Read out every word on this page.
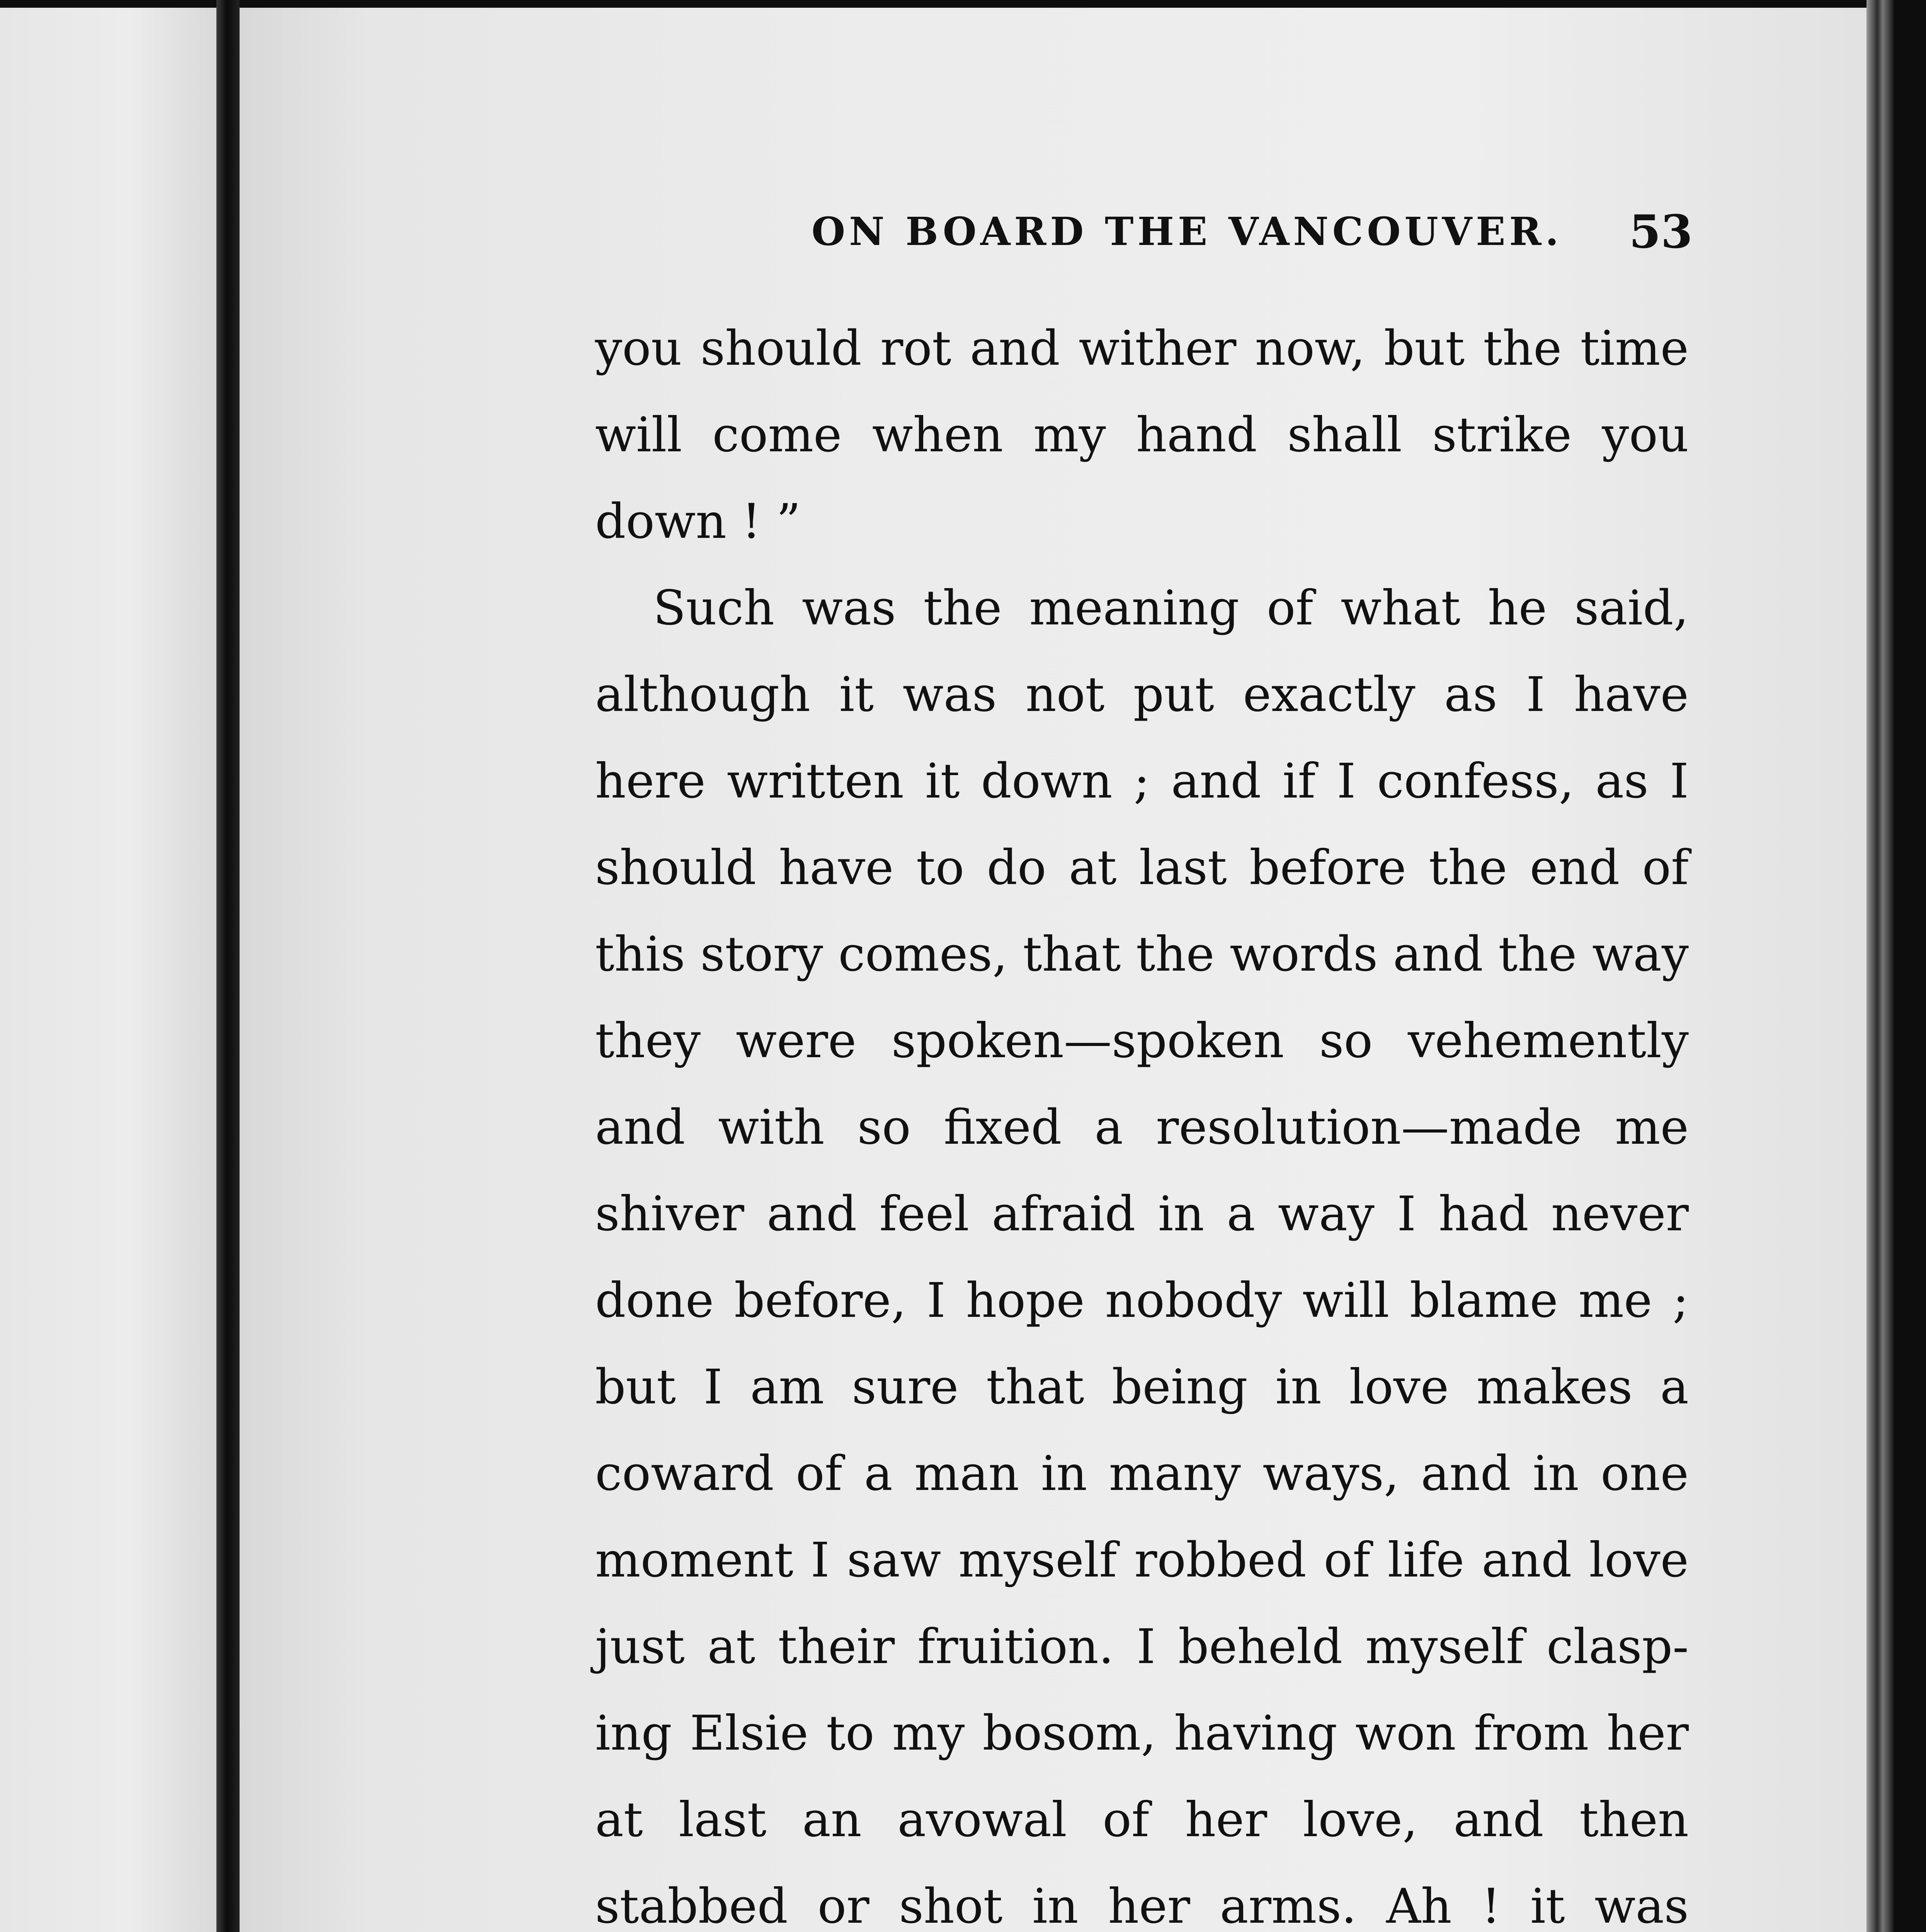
ON BOARD THE VANCOUVER. 53
you should rot and wither now, but the time
will come when my hand shall strike you
down ! ”
Such was the meaning of what he said,
although it was not put exactly as I have
here written it down ; and if I confess, as I
should have to do at last before the end of
this story comes, that the words and the way
they were spoken—spoken so vehemently
and with so fixed a resolution—made me
shiver and feel afraid in a way I had never
done before, I hope nobody will blame me ;
but I am sure that being in love makes a
coward of a man in many ways, and in one
moment I saw myself robbed of life and love
just at their fruition. I beheld myself clasp-
ing Elsie to my bosom, having won from her
at last an avowal of her love, and then
stabbed or shot in her arms. Ah ! it was
